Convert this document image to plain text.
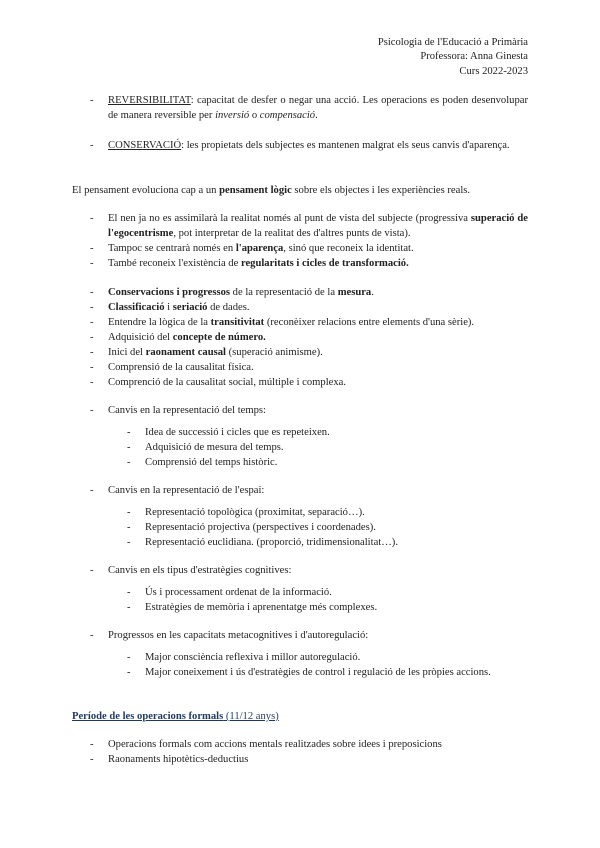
Psicologia de l'Educació a Primària
Professora: Anna Ginesta
Curs 2022-2023
- REVERSIBILITAT: capacitat de desfer o negar una acció. Les operacions es poden desenvolupar de manera reversible per inversió o compensació.
- CONSERVACIÓ: les propietats dels subjectes es mantenen malgrat els seus canvis d'aparença.
El pensament evoluciona cap a un pensament lògic sobre els objectes i les experiències reals.
- El nen ja no es assimilarà la realitat només al punt de vista del subjecte (progressiva superació de l'egocentrisme, pot interpretar de la realitat des d'altres punts de vista).
- Tampoc se centrarà només en l'aparença, sinó que reconeix la identitat.
- També reconeix l'existència de regularitats i cicles de transformació.
- Conservacions i progressos de la representació de la mesura.
- Classificació i seriació de dades.
- Entendre la lògica de la transitivitat (reconèixer relacions entre elements d'una sèrie).
- Adquisició del concepte de número.
- Inici del raonament causal (superació animisme).
- Comprensió de la causalitat física.
- Comprenció de la causalitat social, múltiple i complexa.
- Canvis en la representació del temps:
- Idea de successió i cicles que es repeteixen.
- Adquisició de mesura del temps.
- Comprensió del temps històric.
- Canvis en la representació de l'espai:
- Representació topològica (proximitat, separació…).
- Representació projectiva (perspectives i coordenades).
- Representació euclidiana. (proporció, tridimensionalitat…).
- Canvis en els tipus d'estratègies cognitives:
- Ús i processament ordenat de la informació.
- Estratègies de memòria i aprenentatge més complexes.
- Progressos en les capacitats metacognitives i d'autoregulació:
- Major consciència reflexiva i millor autoregulació.
- Major coneixement i ús d'estratègies de control i regulació de les pròpies accions.
Període de les operacions formals (11/12 anys)
- Operacions formals com accions mentals realitzades sobre idees i preposicions
- Raonaments hipotètics-deductius
